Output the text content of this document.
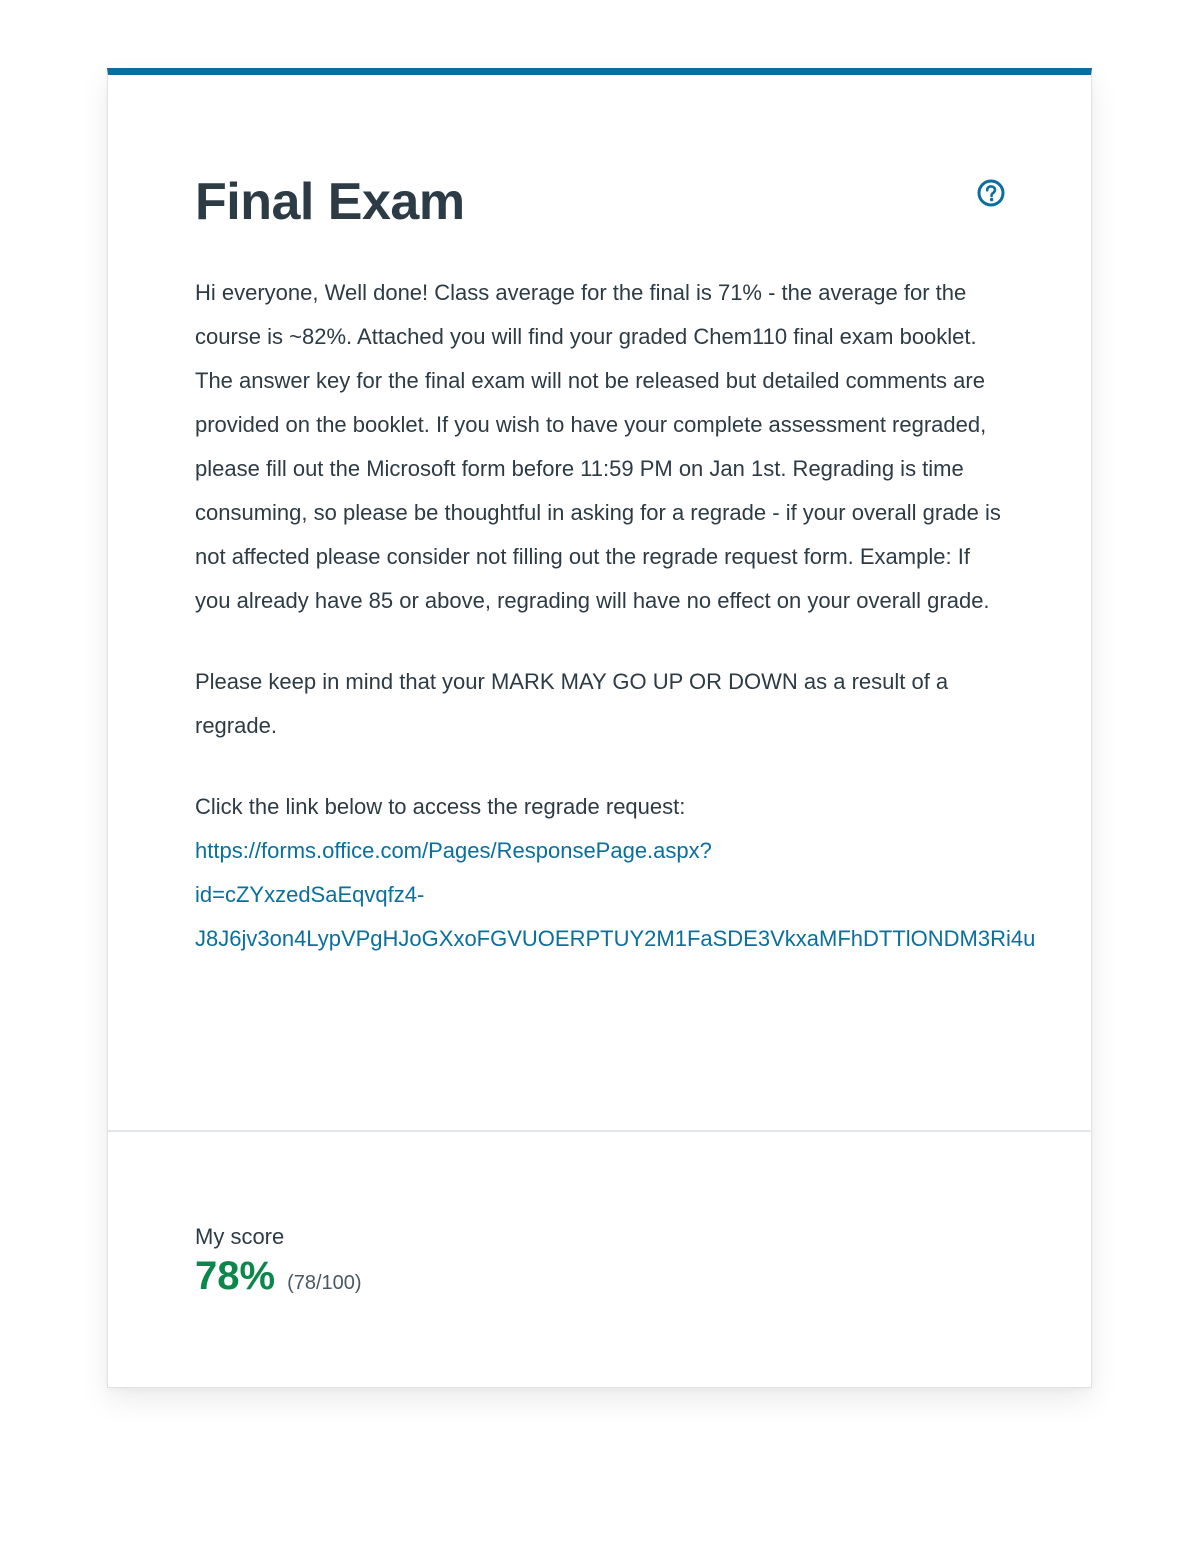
Final Exam

Hi everyone, Well done! Class average for the final is 71% - the average for the course is ~82%. Attached you will find your graded Chem110 final exam booklet. The answer key for the final exam will not be released but detailed comments are provided on the booklet. If you wish to have your complete assessment regraded, please fill out the Microsoft form before 11:59 PM on Jan 1st. Regrading is time consuming, so please be thoughtful in asking for a regrade - if your overall grade is not affected please consider not filling out the regrade request form. Example: If you already have 85 or above, regrading will have no effect on your overall grade.

Please keep in mind that your MARK MAY GO UP OR DOWN as a result of a regrade.

Click the link below to access the regrade request:
https://forms.office.com/Pages/ResponsePage.aspx?
id=cZYxzedSaEqvqfz4-
J8J6jv3on4LypVPgHJoGXxoFGVUOERPTUY2M1FaSDE3VkxaMFhDTTlONDM3Ri4u

My score
78% (78/100)
